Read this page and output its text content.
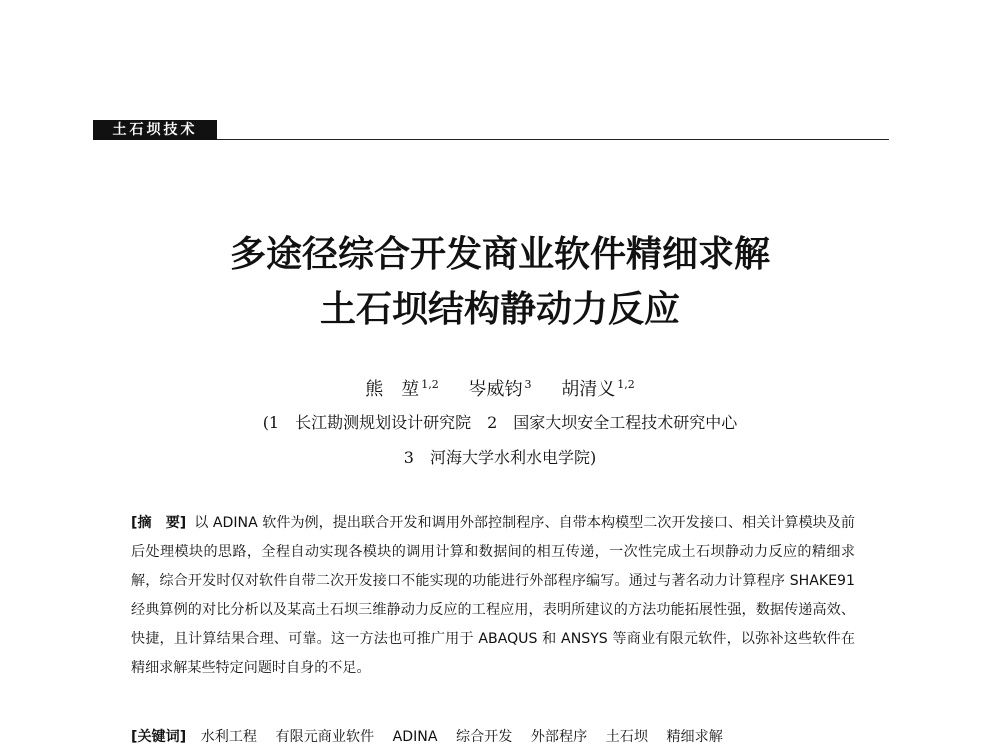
土石坝技术
多途径综合开发商业软件精细求解
土石坝结构静动力反应
熊　堃 $^{1,2}$ 岑威钧 $^3$ 胡清义 $^{1,2}$
(1　长江勘测规划设计研究院　2　国家大坝安全工程技术研究中心
3　河海大学水利水电学院)
[摘　要] 以 ADINA 软件为例，提出联合开发和调用外部控制程序、自带本构模型二次开发接口、相关计算模块及前后处理模块的思路，全程自动实现各模块的调用计算和数据间的相互传递，一次性完成土石坝静动力反应的精细求解，综合开发时仅对软件自带二次开发接口不能实现的功能进行外部程序编写。通过与著名动力计算程序 SHAKE91 经典算例的对比分析以及某高土石坝三维静动力反应的工程应用，表明所建议的方法功能拓展性强，数据传递高效、快捷，且计算结果合理、可靠。这一方法也可推广用于 ABAQUS 和 ANSYS 等商业有限元软件，以弥补这些软件在精细求解某些特定问题时自身的不足。
[关键词] 水利工程 有限元商业软件 ADINA 综合开发 外部程序 土石坝 精细求解
